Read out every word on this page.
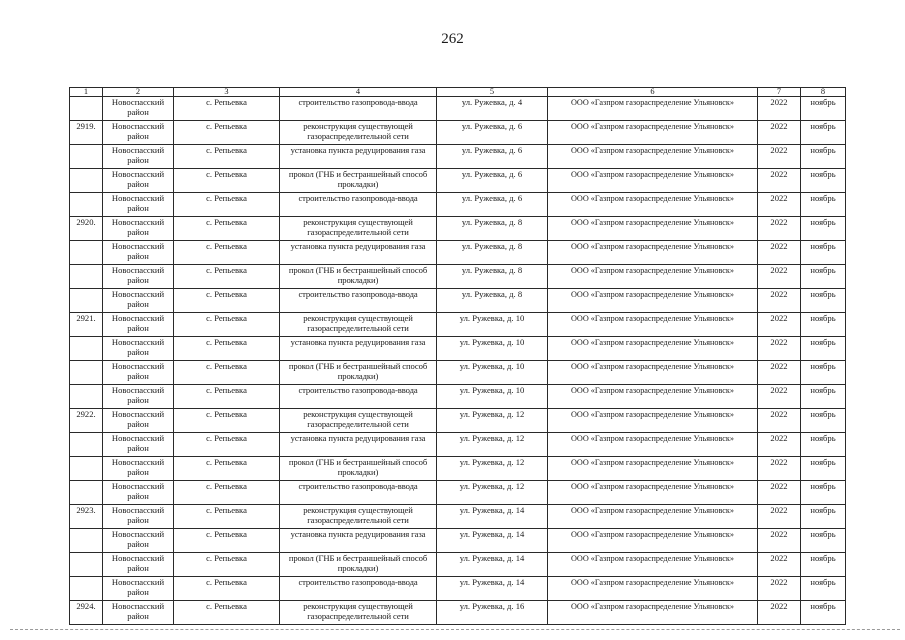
262
1	2	3	4	5	6	7	8
	Новоспасский район	с. Репьевка	строительство газопровода-ввода	ул. Ружевка, д. 4	ООО «Газпром газораспределение Ульяновск»	2022	ноябрь
2919.	Новоспасский район	с. Репьевка	реконструкция существующей газораспределительной сети	ул. Ружевка, д. 6	ООО «Газпром газораспределение Ульяновск»	2022	ноябрь
	Новоспасский район	с. Репьевка	установка пункта редуцирования газа	ул. Ружевка, д. 6	ООО «Газпром газораспределение Ульяновск»	2022	ноябрь
	Новоспасский район	с. Репьевка	прокол (ГНБ и бестраншейный способ прокладки)	ул. Ружевка, д. 6	ООО «Газпром газораспределение Ульяновск»	2022	ноябрь
	Новоспасский район	с. Репьевка	строительство газопровода-ввода	ул. Ружевка, д. 6	ООО «Газпром газораспределение Ульяновск»	2022	ноябрь
2920.	Новоспасский район	с. Репьевка	реконструкция существующей газораспределительной сети	ул. Ружевка, д. 8	ООО «Газпром газораспределение Ульяновск»	2022	ноябрь
	Новоспасский район	с. Репьевка	установка пункта редуцирования газа	ул. Ружевка, д. 8	ООО «Газпром газораспределение Ульяновск»	2022	ноябрь
	Новоспасский район	с. Репьевка	прокол (ГНБ и бестраншейный способ прокладки)	ул. Ружевка, д. 8	ООО «Газпром газораспределение Ульяновск»	2022	ноябрь
	Новоспасский район	с. Репьевка	строительство газопровода-ввода	ул. Ружевка, д. 8	ООО «Газпром газораспределение Ульяновск»	2022	ноябрь
2921.	Новоспасский район	с. Репьевка	реконструкция существующей газораспределительной сети	ул. Ружевка, д. 10	ООО «Газпром газораспределение Ульяновск»	2022	ноябрь
	Новоспасский район	с. Репьевка	установка пункта редуцирования газа	ул. Ружевка, д. 10	ООО «Газпром газораспределение Ульяновск»	2022	ноябрь
	Новоспасский район	с. Репьевка	прокол (ГНБ и бестраншейный способ прокладки)	ул. Ружевка, д. 10	ООО «Газпром газораспределение Ульяновск»	2022	ноябрь
	Новоспасский район	с. Репьевка	строительство газопровода-ввода	ул. Ружевка, д. 10	ООО «Газпром газораспределение Ульяновск»	2022	ноябрь
2922.	Новоспасский район	с. Репьевка	реконструкция существующей газораспределительной сети	ул. Ружевка, д. 12	ООО «Газпром газораспределение Ульяновск»	2022	ноябрь
	Новоспасский район	с. Репьевка	установка пункта редуцирования газа	ул. Ружевка, д. 12	ООО «Газпром газораспределение Ульяновск»	2022	ноябрь
	Новоспасский район	с. Репьевка	прокол (ГНБ и бестраншейный способ прокладки)	ул. Ружевка, д. 12	ООО «Газпром газораспределение Ульяновск»	2022	ноябрь
	Новоспасский район	с. Репьевка	строительство газопровода-ввода	ул. Ружевка, д. 12	ООО «Газпром газораспределение Ульяновск»	2022	ноябрь
2923.	Новоспасский район	с. Репьевка	реконструкция существующей газораспределительной сети	ул. Ружевка, д. 14	ООО «Газпром газораспределение Ульяновск»	2022	ноябрь
	Новоспасский район	с. Репьевка	установка пункта редуцирования газа	ул. Ружевка, д. 14	ООО «Газпром газораспределение Ульяновск»	2022	ноябрь
	Новоспасский район	с. Репьевка	прокол (ГНБ и бестраншейный способ прокладки)	ул. Ружевка, д. 14	ООО «Газпром газораспределение Ульяновск»	2022	ноябрь
	Новоспасский район	с. Репьевка	строительство газопровода-ввода	ул. Ружевка, д. 14	ООО «Газпром газораспределение Ульяновск»	2022	ноябрь
2924.	Новоспасский район	с. Репьевка	реконструкция существующей газораспределительной сети	ул. Ружевка, д. 16	ООО «Газпром газораспределение Ульяновск»	2022	ноябрь
